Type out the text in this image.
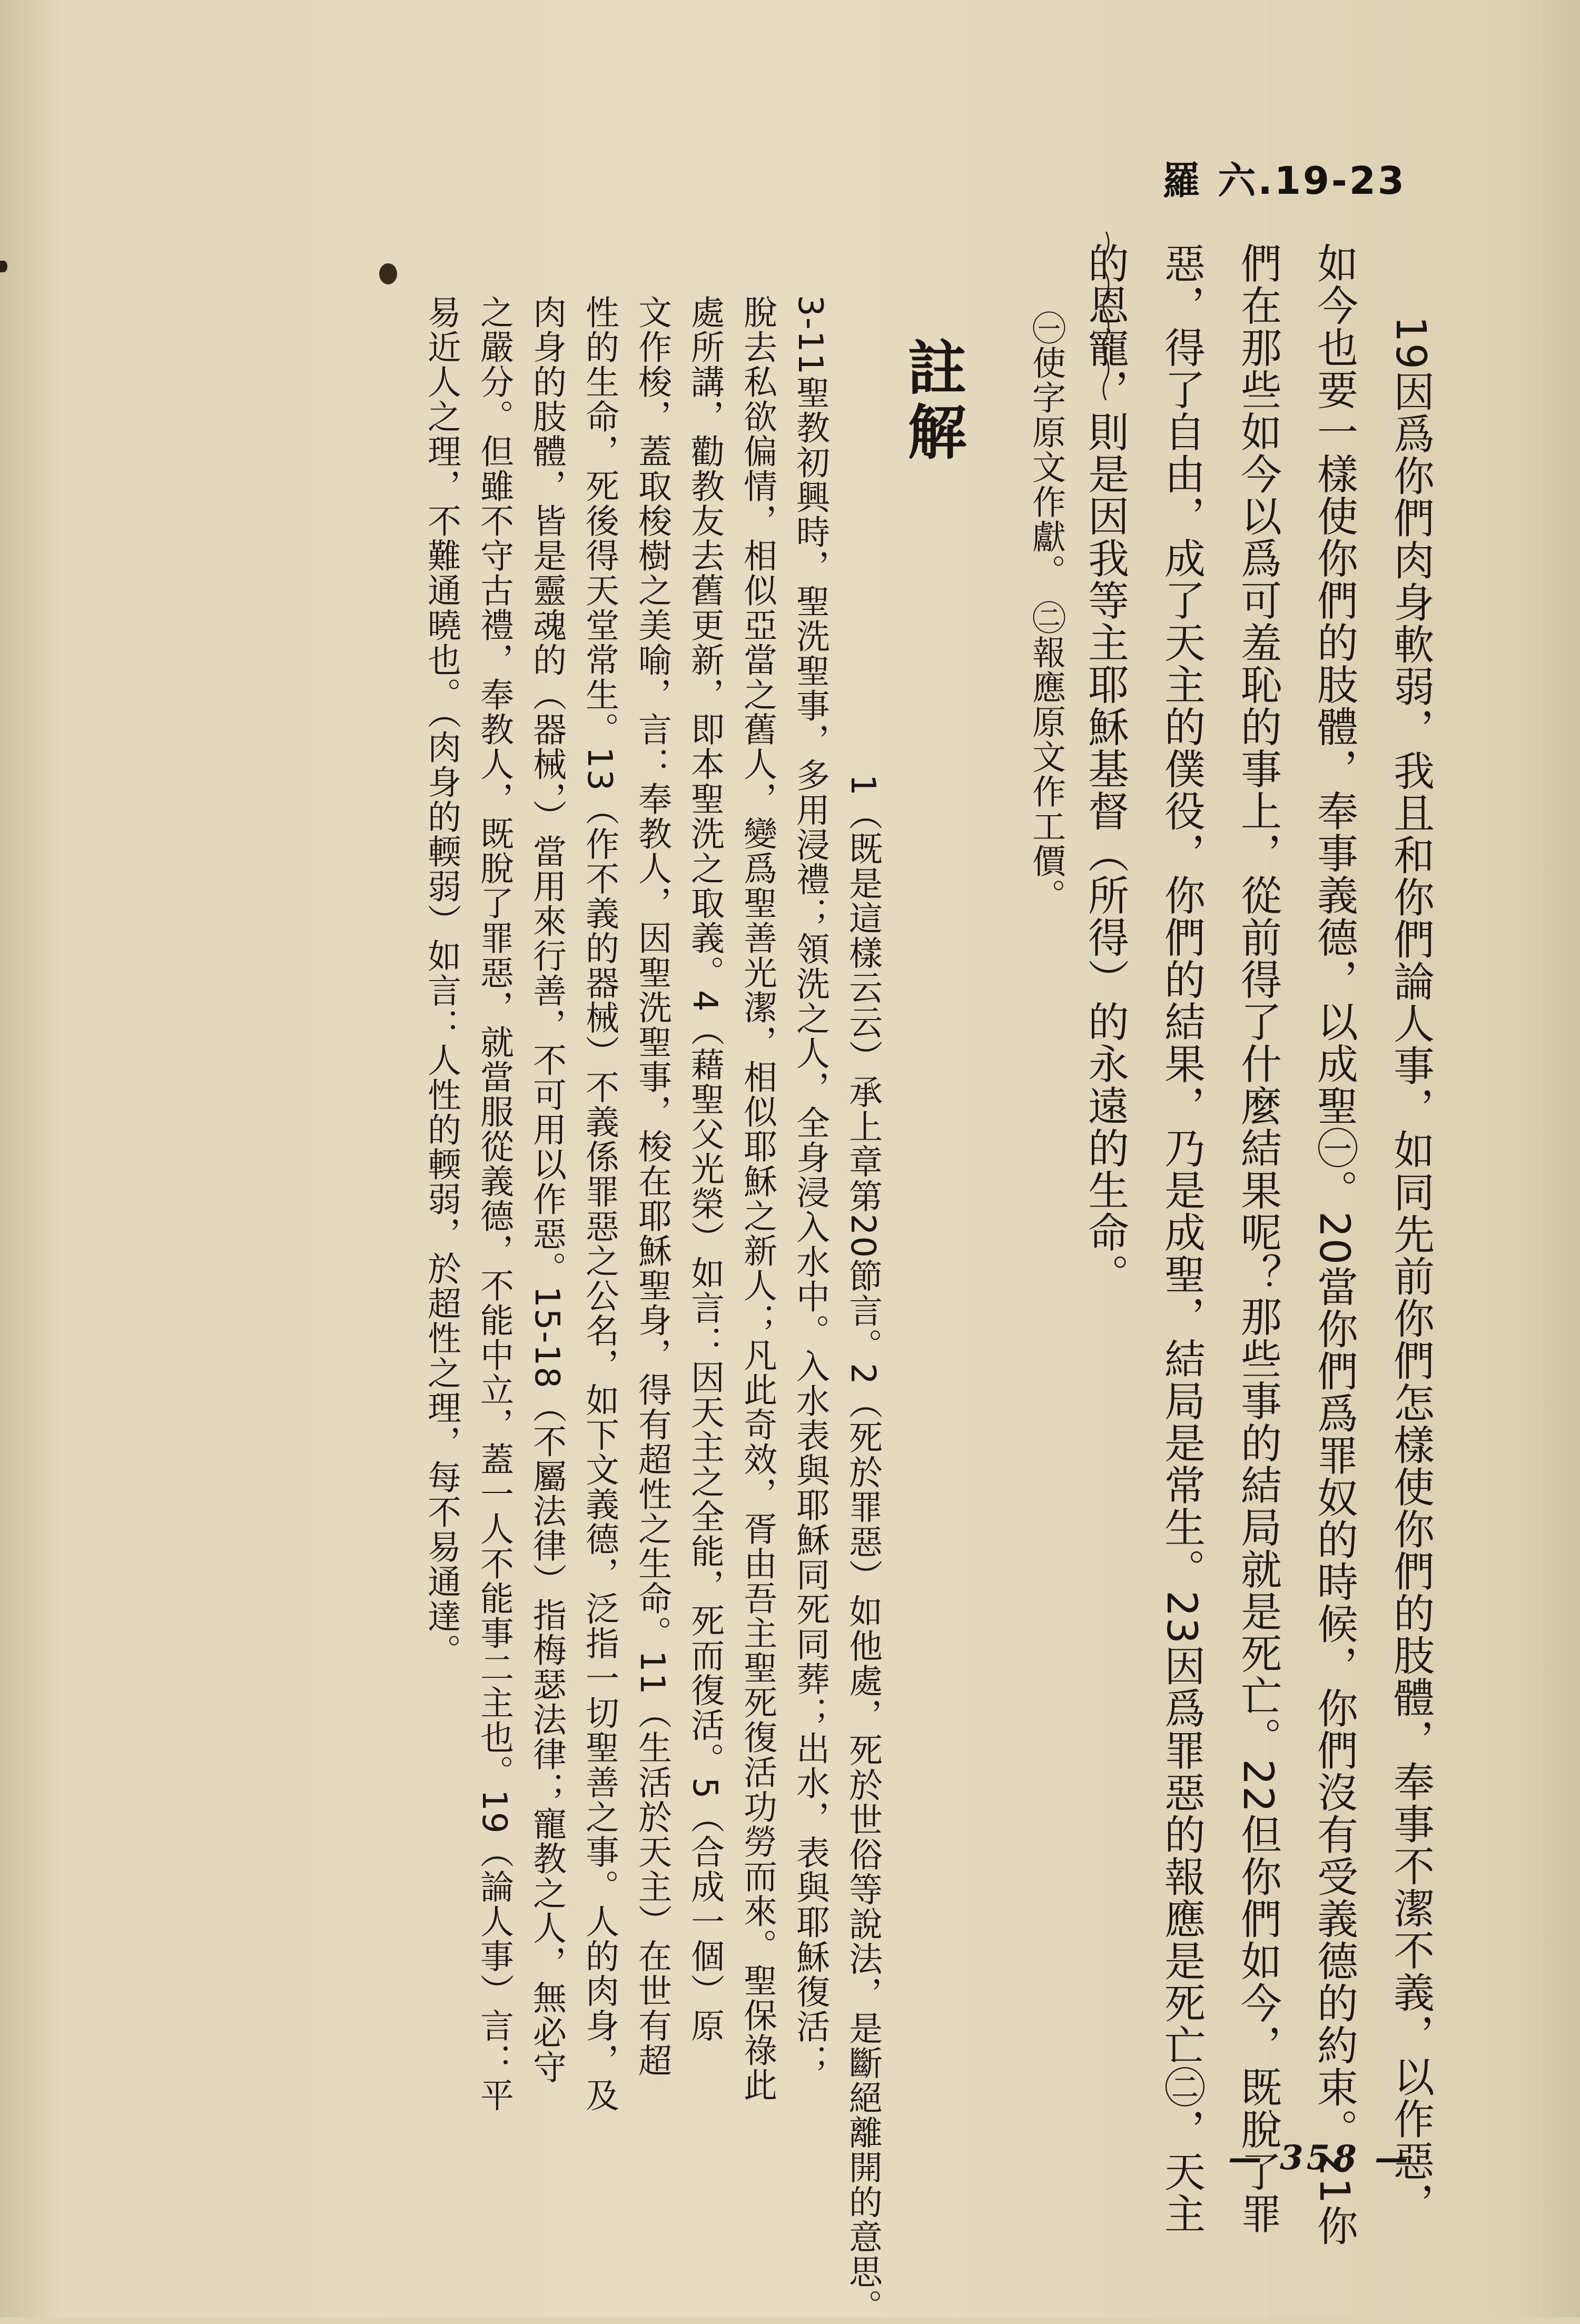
羅 六.19-23
19因爲你們肉身軟弱，我且和你們論人事，如同先前你們怎樣使你們的肢體，奉事不潔不義，以作惡，
如今也要一樣使你們的肢體，奉事義德，以成聖㊀。20當你們爲罪奴的時候，你們沒有受義德的約束。21你
們在那些如今以爲可羞恥的事上，從前得了什麼結果呢？那些事的結局就是死亡。22但你們如今，既脫了罪
惡，得了自由，成了天主的僕役，你們的結果，乃是成聖，結局是常生。23因爲罪惡的報應是死亡㊁，天主
的恩寵，則是因我等主耶穌基督（所得）的永遠的生命。
㊀使字原文作獻。 ㊁報應原文作工價。
註解
1（既是這樣云云）承上章第20節言。2（死於罪惡）如他處，死於世俗等說法，是斷絕離開的意思。
3-11聖教初興時，聖洗聖事，多用浸禮；領洗之人，全身浸入水中。入水表與耶穌同死同葬；出水，表與耶穌復活；
脫去私欲偏情，相似亞當之舊人，變爲聖善光潔，相似耶穌之新人；凡此奇效，胥由吾主聖死復活功勞而來。聖保祿此
處所講，勸教友去舊更新，即本聖洗之取義。4（藉聖父光榮）如言：因天主之全能，死而復活。5（合成一個）原
文作梭，蓋取梭樹之美喻，言：奉教人，因聖洗聖事，梭在耶穌聖身，得有超性之生命。11（生活於天主）在世有超
性的生命，死後得天堂常生。13（作不義的器械）不義係罪惡之公名，如下文義德，泛指一切聖善之事。人的肉身，及
肉身的肢體，皆是靈魂的（器械，）當用來行善，不可用以作惡。15-18（不屬法律）指梅瑟法律；寵教之人，無必守
之嚴分。但雖不守古禮，奉教人，既脫了罪惡，就當服從義德，不能中立，蓋一人不能事二主也。19（論人事）言：平
易近人之理，不難通曉也。（肉身的輭弱）如言：人性的輭弱，於超性之理，每不易通達。
— 358 —
